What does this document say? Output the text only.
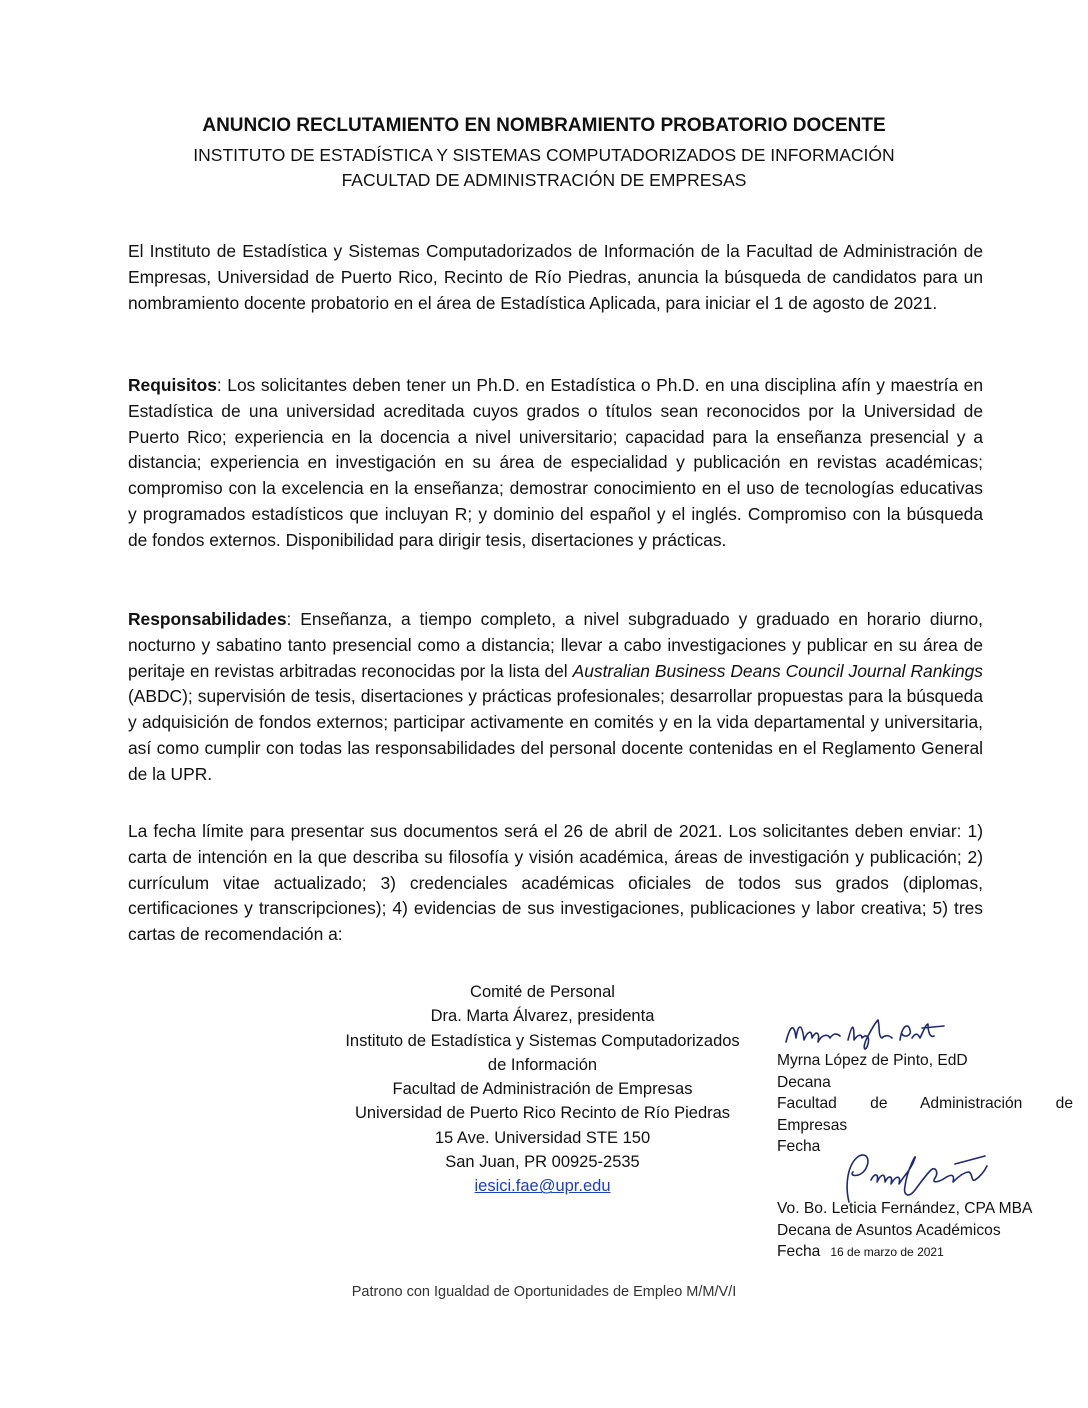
ANUNCIO RECLUTAMIENTO EN NOMBRAMIENTO PROBATORIO DOCENTE
INSTITUTO DE ESTADÍSTICA Y SISTEMAS COMPUTADORIZADOS DE INFORMACIÓN
FACULTAD DE ADMINISTRACIÓN DE EMPRESAS

El Instituto de Estadística y Sistemas Computadorizados de Información de la Facultad de Administración de Empresas, Universidad de Puerto Rico, Recinto de Río Piedras, anuncia la búsqueda de candidatos para un nombramiento docente probatorio en el área de Estadística Aplicada, para iniciar el 1 de agosto de 2021.

Requisitos: Los solicitantes deben tener un Ph.D. en Estadística o Ph.D. en una disciplina afín y maestría en Estadística de una universidad acreditada cuyos grados o títulos sean reconocidos por la Universidad de Puerto Rico; experiencia en la docencia a nivel universitario; capacidad para la enseñanza presencial y a distancia; experiencia en investigación en su área de especialidad y publicación en revistas académicas; compromiso con la excelencia en la enseñanza; demostrar conocimiento en el uso de tecnologías educativas y programados estadísticos que incluyan R; y dominio del español y el inglés. Compromiso con la búsqueda de fondos externos. Disponibilidad para dirigir tesis, disertaciones y prácticas.

Responsabilidades: Enseñanza, a tiempo completo, a nivel subgraduado y graduado en horario diurno, nocturno y sabatino tanto presencial como a distancia; llevar a cabo investigaciones y publicar en su área de peritaje en revistas arbitradas reconocidas por la lista del Australian Business Deans Council Journal Rankings (ABDC); supervisión de tesis, disertaciones y prácticas profesionales; desarrollar propuestas para la búsqueda y adquisición de fondos externos; participar activamente en comités y en la vida departamental y universitaria, así como cumplir con todas las responsabilidades del personal docente contenidas en el Reglamento General de la UPR.

La fecha límite para presentar sus documentos será el 26 de abril de 2021. Los solicitantes deben enviar: 1) carta de intención en la que describa su filosofía y visión académica, áreas de investigación y publicación; 2) currículum vitae actualizado; 3) credenciales académicas oficiales de todos sus grados (diplomas, certificaciones y transcripciones); 4) evidencias de sus investigaciones, publicaciones y labor creativa; 5) tres cartas de recomendación a:

Comité de Personal
Dra. Marta Álvarez, presidenta
Instituto de Estadística y Sistemas Computadorizados
de Información
Facultad de Administración de Empresas
Universidad de Puerto Rico Recinto de Río Piedras
15 Ave. Universidad STE 150
San Juan, PR 00925-2535
iesici.fae@upr.edu
Myrna López de Pinto, EdD
Decana
Facultad de Administración de
Empresas
Fecha
Vo. Bo. Leticia Fernández, CPA MBA
Decana de Asuntos Académicos
Fecha 16 de marzo de 2021
Patrono con Igualdad de Oportunidades de Empleo M/M/V/I
